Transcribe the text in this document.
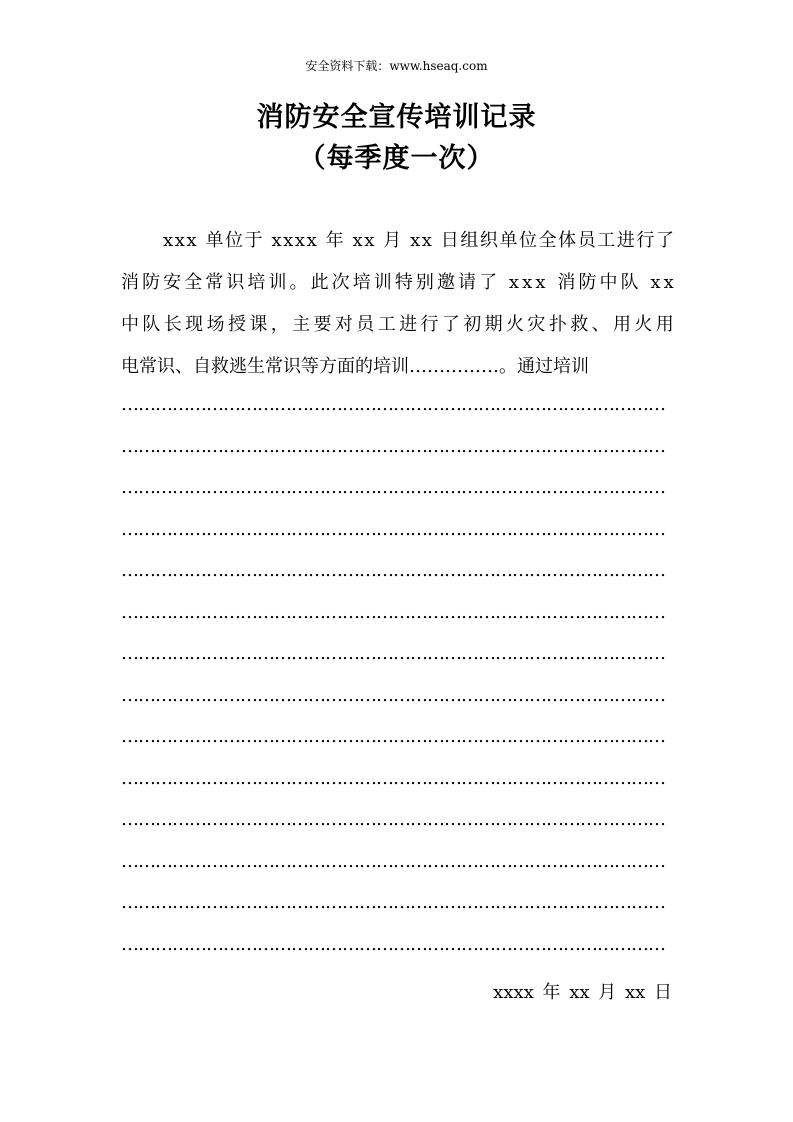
安全资料下载：www.hseaq.com
消防安全宣传培训记录
（每季度一次）
x x x
单 位 于
x x x x
年
x x
月
x x
日 组 织 单 位 全 体 员 工 进 行 了
消 防 安 全 常 识 培 训 。 此 次 培 训 特 别 邀 请 了
x x x
消 防 中 队
x x
中 队 长 现 场 授 课 ， 主 要 对 员 工 进 行 了 初 期 火 灾 扑 救 、 用 火 用
电常识、自救逃生常识等方面的培训……………。通过培训
……………………………………………………………………………………
……………………………………………………………………………………
……………………………………………………………………………………
……………………………………………………………………………………
……………………………………………………………………………………
……………………………………………………………………………………
……………………………………………………………………………………
……………………………………………………………………………………
……………………………………………………………………………………
……………………………………………………………………………………
……………………………………………………………………………………
……………………………………………………………………………………
……………………………………………………………………………………
……………………………………………………………………………………
xxxx 年 xx 月 xx 日
